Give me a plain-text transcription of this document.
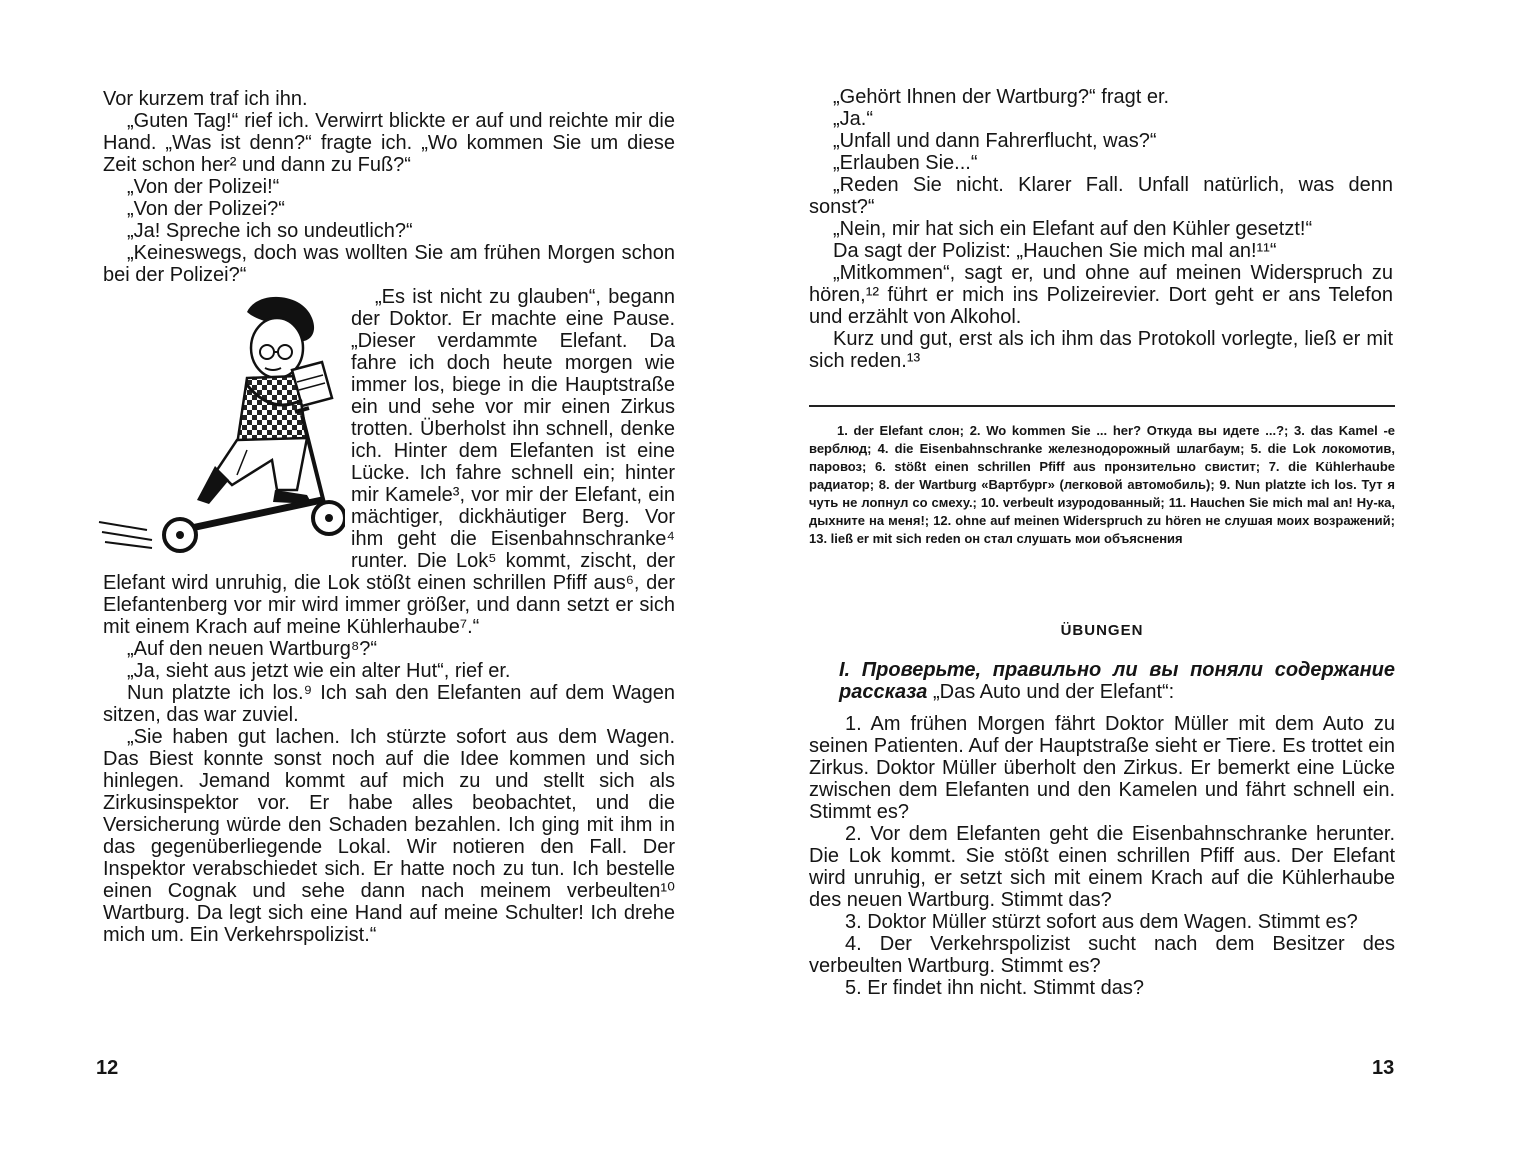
Vor kurzem traf ich ihn.

„Guten Tag!“ rief ich. Verwirrt blickte er auf und reichte mir die Hand. „Was ist denn?“ fragte ich. „Wo kommen Sie um diese Zeit schon her² und dann zu Fuß?“

„Von der Polizei!“

„Von der Polizei?“

„Ja! Spreche ich so undeutlich?“

„Keineswegs, doch was wollten Sie am frühen Morgen schon bei der Polizei?“

„Es ist nicht zu glauben“, begann der Doktor. Er machte eine Pause. „Dieser verdammte Elefant. Da fahre ich doch heute morgen wie immer los, biege in die Hauptstraße ein und sehe vor mir einen Zirkus trotten. Überholst ihn schnell, denke ich. Hinter dem Elefanten ist eine Lücke. Ich fahre schnell ein; hinter mir Kamele³, vor mir der Elefant, ein mächtiger, dickhäutiger Berg. Vor ihm geht die Eisenbahnschranke⁴ runter. Die Lok⁵ kommt, zischt, der Elefant wird unruhig, die Lok stößt einen schrillen Pfiff aus⁶, der Elefantenberg vor mir wird immer größer, und dann setzt er sich mit einem Krach auf meine Kühlerhaube⁷.“

„Auf den neuen Wartburg⁸?“

„Ja, sieht aus jetzt wie ein alter Hut“, rief er.

Nun platzte ich los.⁹ Ich sah den Elefanten auf dem Wagen sitzen, das war zuviel.

„Sie haben gut lachen. Ich stürzte sofort aus dem Wagen. Das Biest konnte sonst noch auf die Idee kommen und sich hinlegen. Jemand kommt auf mich zu und stellt sich als Zirkusinspektor vor. Er habe alles beobachtet, und die Versicherung würde den Schaden bezahlen. Ich ging mit ihm in das gegenüberliegende Lokal. Wir notieren den Fall. Der Inspektor verabschiedet sich. Er hatte noch zu tun. Ich bestelle einen Cognak und sehe dann nach meinem verbeulten¹⁰ Wartburg. Da legt sich eine Hand auf meine Schulter! Ich drehe mich um. Ein Verkehrspolizist.“

12

„Gehört Ihnen der Wartburg?“ fragt er.

„Ja.“

„Unfall und dann Fahrerflucht, was?“

„Erlauben Sie...“

„Reden Sie nicht. Klarer Fall. Unfall natürlich, was denn sonst?“

„Nein, mir hat sich ein Elefant auf den Kühler gesetzt!“

Da sagt der Polizist: „Hauchen Sie mich mal an!¹¹“

„Mitkommen“, sagt er, und ohne auf meinen Widerspruch zu hören,¹² führt er mich ins Polizeirevier. Dort geht er ans Telefon und erzählt von Alkohol.

Kurz und gut, erst als ich ihm das Protokoll vorlegte, ließ er mit sich reden.¹³

1. der Elefant слон; 2. Wo kommen Sie ... her? Откуда вы идете ...?; 3. das Kamel -e верблюд; 4. die Eisenbahnschranke железнодорожный шлагбаум; 5. die Lok локомотив, паровоз; 6. stößt einen schrillen Pfiff aus пронзительно свистит; 7. die Kühlerhaube радиатор; 8. der Wartburg «Вартбург» (легковой автомобиль); 9. Nun platzte ich los. Тут я чуть не лопнул со смеху.; 10. verbeult изуродованный; 11. Hauchen Sie mich mal an! Ну-ка, дыхните на меня!; 12. ohne auf meinen Widerspruch zu hören не слушая моих возражений; 13. ließ er mit sich reden он стал слушать мои объяснения

ÜBUNGEN
I. Проверьте, правильно ли вы поняли содержание рассказа „Das Auto und der Elefant“:

1. Am frühen Morgen fährt Doktor Müller mit dem Auto zu seinen Patienten. Auf der Hauptstraße sieht er Tiere. Es trottet ein Zirkus. Doktor Müller überholt den Zirkus. Er bemerkt eine Lücke zwischen dem Elefanten und den Kamelen und fährt schnell ein. Stimmt es?

2. Vor dem Elefanten geht die Eisenbahnschranke herunter. Die Lok kommt. Sie stößt einen schrillen Pfiff aus. Der Elefant wird unruhig, er setzt sich mit einem Krach auf die Kühlerhaube des neuen Wartburg. Stimmt das?

3. Doktor Müller stürzt sofort aus dem Wagen. Stimmt es?

4. Der Verkehrspolizist sucht nach dem Besitzer des verbeulten Wartburg. Stimmt es?

5. Er findet ihn nicht. Stimmt das?

13
